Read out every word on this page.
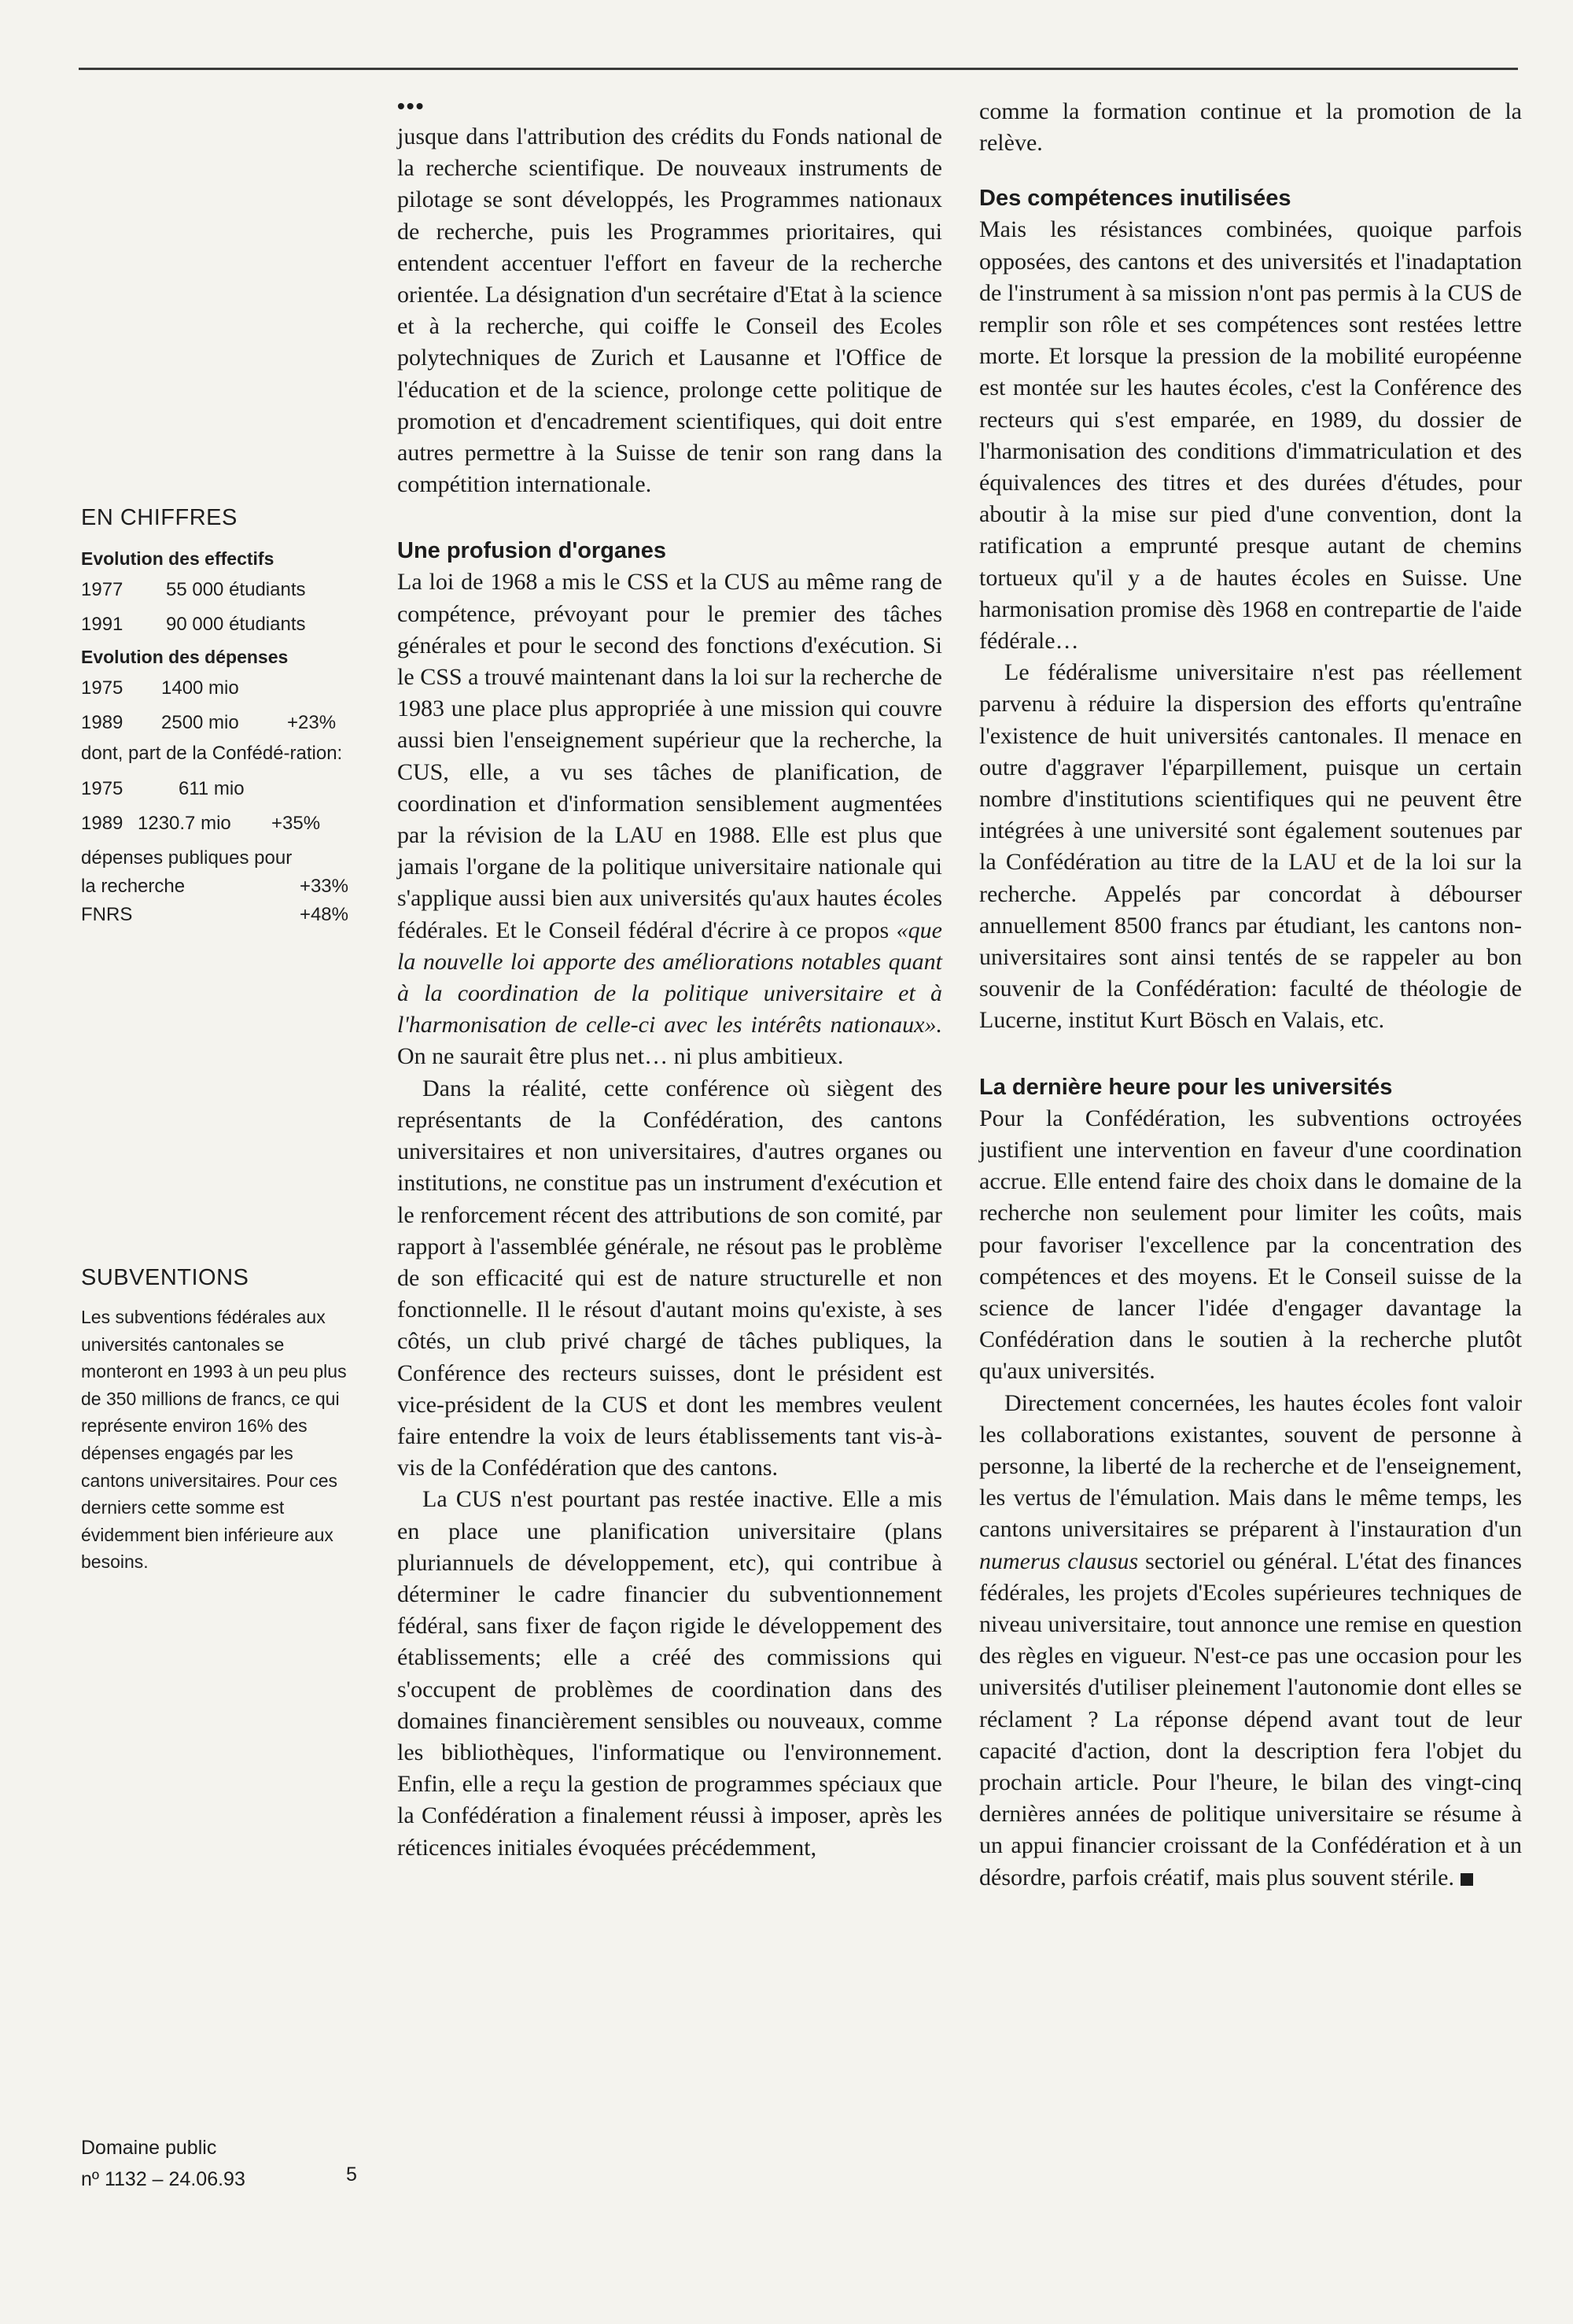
EN CHIFFRES
Evolution des effectifs
1977	55 000 étudiants
1991	90 000 étudiants
Evolution des dépenses
1975	1400 mio
1989	2500 mio	+23%
dont, part de la Confédé-ration:
1975	611 mio
1989 1230.7 mio	+35%
dépenses publiques pour
la recherche	+33%
FNRS	+48%
SUBVENTIONS

Les subventions fédérales aux universités cantonales se monteront en 1993 à un peu plus de 350 millions de francs, ce qui représente environ 16% des dépenses engagés par les cantons universitaires. Pour ces derniers cette somme est évidemment bien inférieure aux besoins.

Domaine public
nº 1132 – 24.06.93	5
•••

jusque dans l'attribution des crédits du Fonds national de la recherche scientifique. De nouveaux instruments de pilotage se sont développés, les Programmes nationaux de recherche, puis les Programmes prioritaires, qui entendent accentuer l'effort en faveur de la recherche orientée. La désignation d'un secrétaire d'Etat à la science et à la recherche, qui coiffe le Conseil des Ecoles polytechniques de Zurich et Lausanne et l'Office de l'éducation et de la science, prolonge cette politique de promotion et d'encadrement scientifiques, qui doit entre autres permettre à la Suisse de tenir son rang dans la compétition internationale.

Une profusion d'organes

La loi de 1968 a mis le CSS et la CUS au même rang de compétence, prévoyant pour le premier des tâches générales et pour le second des fonctions d'exécution. Si le CSS a trouvé maintenant dans la loi sur la recherche de 1983 une place plus appropriée à une mission qui couvre aussi bien l'enseignement supérieur que la recherche, la CUS, elle, a vu ses tâches de planification, de coordination et d'information sensiblement augmentées par la révision de la LAU en 1988. Elle est plus que jamais l'organe de la politique universitaire nationale qui s'applique aussi bien aux universités qu'aux hautes écoles fédérales. Et le Conseil fédéral d'écrire à ce propos «que la nouvelle loi apporte des améliorations notables quant à la coordination de la politique universitaire et à l'harmonisation de celle-ci avec les intérêts nationaux». On ne saurait être plus net… ni plus ambitieux.

Dans la réalité, cette conférence où siègent des représentants de la Confédération, des cantons universitaires et non universitaires, d'autres organes ou institutions, ne constitue pas un instrument d'exécution et le renforcement récent des attributions de son comité, par rapport à l'assemblée générale, ne résout pas le problème de son efficacité qui est de nature structurelle et non fonctionnelle. Il le résout d'autant moins qu'existe, à ses côtés, un club privé chargé de tâches publiques, la Conférence des recteurs suisses, dont le président est vice-président de la CUS et dont les membres veulent faire entendre la voix de leurs établissements tant vis-à-vis de la Confédération que des cantons.

La CUS n'est pourtant pas restée inactive. Elle a mis en place une planification universitaire (plans pluriannuels de développement, etc), qui contribue à déterminer le cadre financier du subventionnement fédéral, sans fixer de façon rigide le développement des établissements; elle a créé des commissions qui s'occupent de problèmes de coordination dans des domaines financièrement sensibles ou nouveaux, comme les bibliothèques, l'informatique ou l'environnement. Enfin, elle a reçu la gestion de programmes spéciaux que la Confédération a finalement réussi à imposer, après les réticences initiales évoquées précédemment,

comme la formation continue et la promotion de la relève.

Des compétences inutilisées

Mais les résistances combinées, quoique parfois opposées, des cantons et des universités et l'inadaptation de l'instrument à sa mission n'ont pas permis à la CUS de remplir son rôle et ses compétences sont restées lettre morte. Et lorsque la pression de la mobilité européenne est montée sur les hautes écoles, c'est la Conférence des recteurs qui s'est emparée, en 1989, du dossier de l'harmonisation des conditions d'immatriculation et des équivalences des titres et des durées d'études, pour aboutir à la mise sur pied d'une convention, dont la ratification a emprunté presque autant de chemins tortueux qu'il y a de hautes écoles en Suisse. Une harmonisation promise dès 1968 en contrepartie de l'aide fédérale…

Le fédéralisme universitaire n'est pas réellement parvenu à réduire la dispersion des efforts qu'entraîne l'existence de huit universités cantonales. Il menace en outre d'aggraver l'éparpillement, puisque un certain nombre d'institutions scientifiques qui ne peuvent être intégrées à une université sont également soutenues par la Confédération au titre de la LAU et de la loi sur la recherche. Appelés par concordat à débourser annuellement 8500 francs par étudiant, les cantons non-universitaires sont ainsi tentés de se rappeler au bon souvenir de la Confédération: faculté de théologie de Lucerne, institut Kurt Bösch en Valais, etc.

La dernière heure pour les universités

Pour la Confédération, les subventions octroyées justifient une intervention en faveur d'une coordination accrue. Elle entend faire des choix dans le domaine de la recherche non seulement pour limiter les coûts, mais pour favoriser l'excellence par la concentration des compétences et des moyens. Et le Conseil suisse de la science de lancer l'idée d'engager davantage la Confédération dans le soutien à la recherche plutôt qu'aux universités.

Directement concernées, les hautes écoles font valoir les collaborations existantes, souvent de personne à personne, la liberté de la recherche et de l'enseignement, les vertus de l'émulation. Mais dans le même temps, les cantons universitaires se préparent à l'instauration d'un numerus clausus sectoriel ou général. L'état des finances fédérales, les projets d'Ecoles supérieures techniques de niveau universitaire, tout annonce une remise en question des règles en vigueur. N'est-ce pas une occasion pour les universités d'utiliser pleinement l'autonomie dont elles se réclament ? La réponse dépend avant tout de leur capacité d'action, dont la description fera l'objet du prochain article. Pour l'heure, le bilan des vingt-cinq dernières années de politique universitaire se résume à un appui financier croissant de la Confédération et à un désordre, parfois créatif, mais plus souvent stérile.
